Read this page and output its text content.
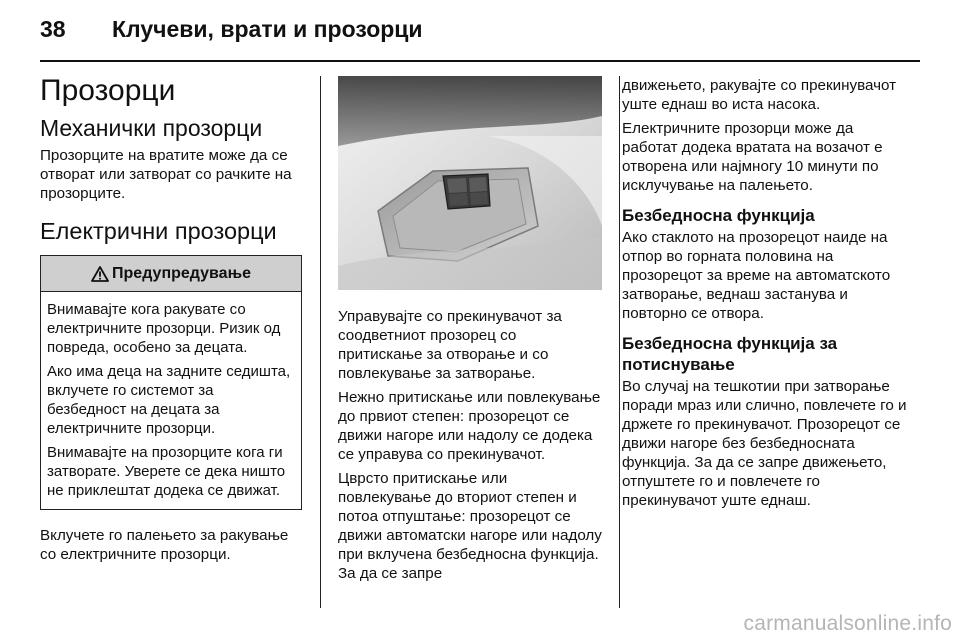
38 Клучеви, врати и прозорци
Прозорци
Механички прозорци

Прозорците на вратите може да се отворат или затворат со рачките на прозорците.

Електрични прозорци
Предупредување

Внимавајте кога ракувате со електричните прозорци. Ризик од повреда, особено за децата.

Ако има деца на задните седишта, вклучете го системот за безбедност на децата за електричните прозорци.

Внимавајте на прозорците кога ги затворате. Уверете се дека ништо не приклештат додека се движат.

Вклучете го палењето за ракување со електричните прозорци.

Управувајте со прекинувачот за соодветниот прозорец со притискање за отворање и со повлекување за затворање.

Нежно притискање или повлекување до првиот степен: прозорецот се движи нагоре или надолу се додека се управува со прекинувачот.

Цврсто притискање или повлекување до вториот степен и потоа отпуштање: прозорецот се движи автоматски нагоре или надолу при вклучена безбедносна функција. За да се запре

движењето, ракувајте со прекинувачот уште еднаш во иста насока.

Електричните прозорци може да работат додека вратата на возачот е отворена или најмногу 10 минути по исклучување на палењето.

Безбедносна функција

Ако стаклото на прозорецот наиде на отпор во горната половина на прозорецот за време на автоматското затворање, веднаш застанува и повторно се отвора.

Безбедносна функција за потиснување

Во случај на тешкотии при затворање поради мраз или слично, повлечете го и држете го прекинувачот. Прозорецот се движи нагоре без безбедносната функција. За да се запре движењето, отпуштете го и повлечете го прекинувачот уште еднаш.

carmanualsonline.info
